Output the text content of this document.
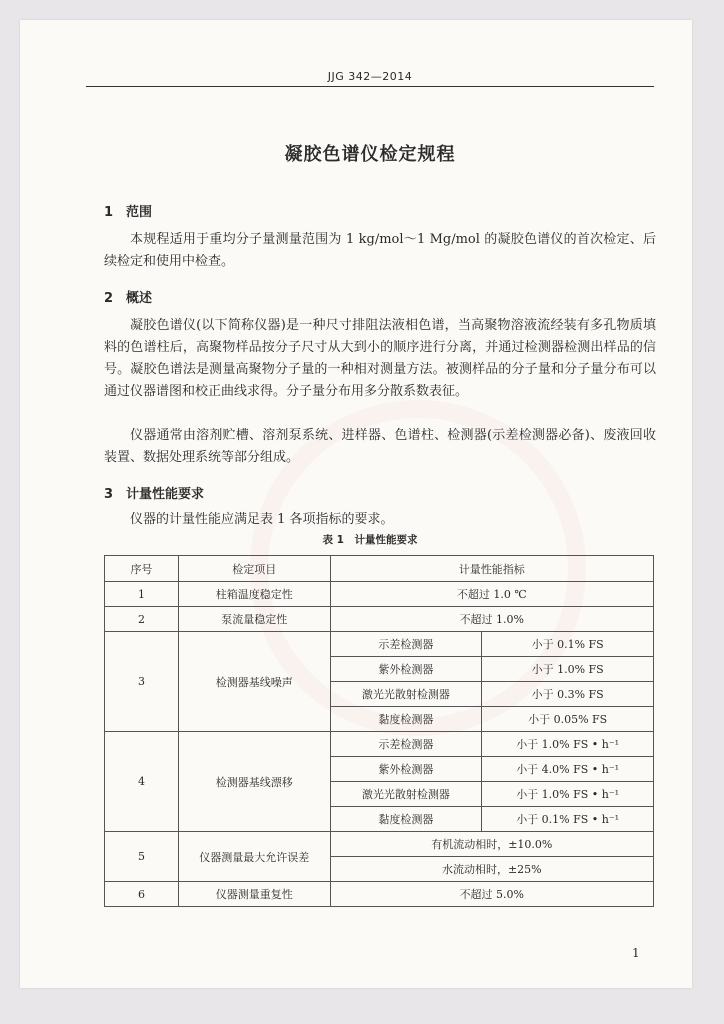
JJG 342—2014
凝胶色谱仪检定规程
1 范围
本规程适用于重均分子量测量范围为 1 kg/mol～1 Mg/mol 的凝胶色谱仪的首次检定、后续检定和使用中检查。
2 概述
凝胶色谱仪(以下简称仪器)是一种尺寸排阻法液相色谱，当高聚物溶液流经装有多孔物质填料的色谱柱后，高聚物样品按分子尺寸从大到小的顺序进行分离，并通过检测器检测出样品的信号。凝胶色谱法是测量高聚物分子量的一种相对测量方法。被测样品的分子量和分子量分布可以通过仪器谱图和校正曲线求得。分子量分布用多分散系数表征。
仪器通常由溶剂贮槽、溶剂泵系统、进样器、色谱柱、检测器(示差检测器必备)、废液回收装置、数据处理系统等部分组成。
3 计量性能要求
仪器的计量性能应满足表 1 各项指标的要求。
表 1　计量性能要求
序号	检定项目	计量性能指标	
1	柱箱温度稳定性	不超过 1.0 ℃	
2	泵流量稳定性	不超过 1.0%	
3	检测器基线噪声	示差检测器	小于 0.1% FS
		紫外检测器	小于 1.0% FS
		激光光散射检测器	小于 0.3% FS
		黏度检测器	小于 0.05% FS
4	检测器基线漂移	示差检测器	小于 1.0% FS • h⁻¹
		紫外检测器	小于 4.0% FS • h⁻¹
		激光光散射检测器	小于 1.0% FS • h⁻¹
		黏度检测器	小于 0.1% FS • h⁻¹
5	仪器测量最大允许误差	有机流动相时，±10.0%	
		水流动相时，±25%	
6	仪器测量重复性	不超过 5.0%	
1
